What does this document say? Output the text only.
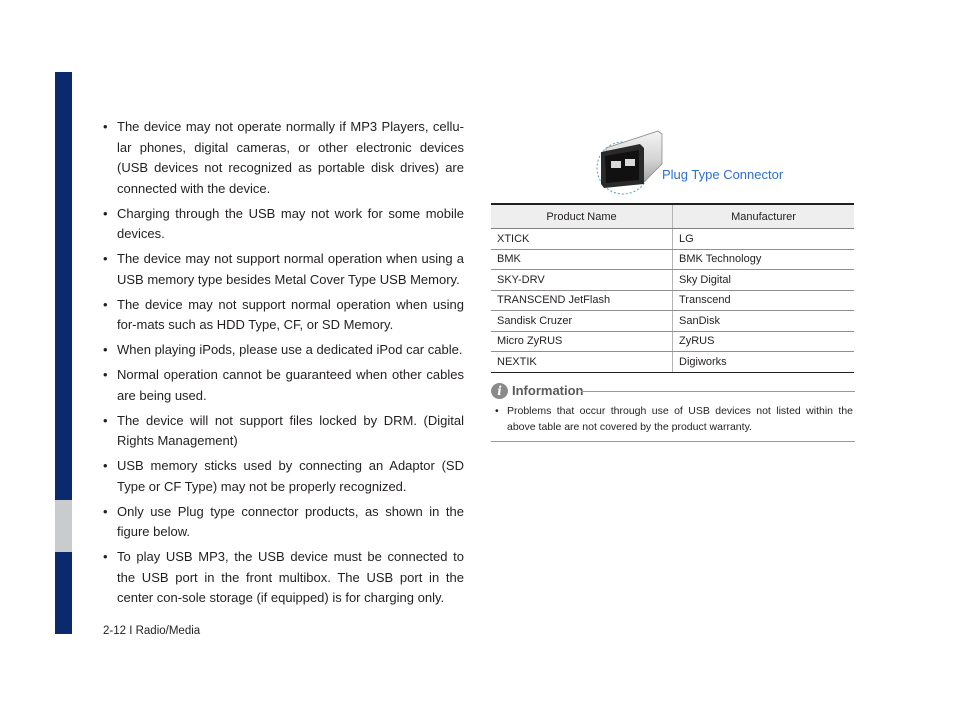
• The device may not operate normally if MP3 Players, cellu-lar phones, digital cameras, or other electronic devices (USB devices not recognized as portable disk drives) are connected with the device.
• Charging through the USB may not work for some mobile devices.
• The device may not support normal operation when using a USB memory type besides Metal Cover Type USB Memory.
• The device may not support normal operation when using for-mats such as HDD Type, CF, or SD Memory.
• When playing iPods, please use a dedicated iPod car cable.
• Normal operation cannot be guaranteed when other cables are being used.
• The device will not support files locked by DRM. (Digital Rights Management)
• USB memory sticks used by connecting an Adaptor (SD Type or CF Type) may not be properly recognized.
• Only use Plug type connector products, as shown in the figure below.
• To play USB MP3, the USB device must be connected to the USB port in the front multibox. The USB port in the center con-sole storage (if equipped) is for charging only.
Plug Type Connector
Product Name	Manufacturer
XTICK	LG
BMK	BMK Technology
SKY-DRV	Sky Digital
TRANSCEND JetFlash	Transcend
Sandisk Cruzer	SanDisk
Micro ZyRUS	ZyRUS
NEXTIK	Digiworks
i Information

• Problems that occur through use of USB devices not listed within the above table are not covered by the product warranty.

2-12 I Radio/Media
